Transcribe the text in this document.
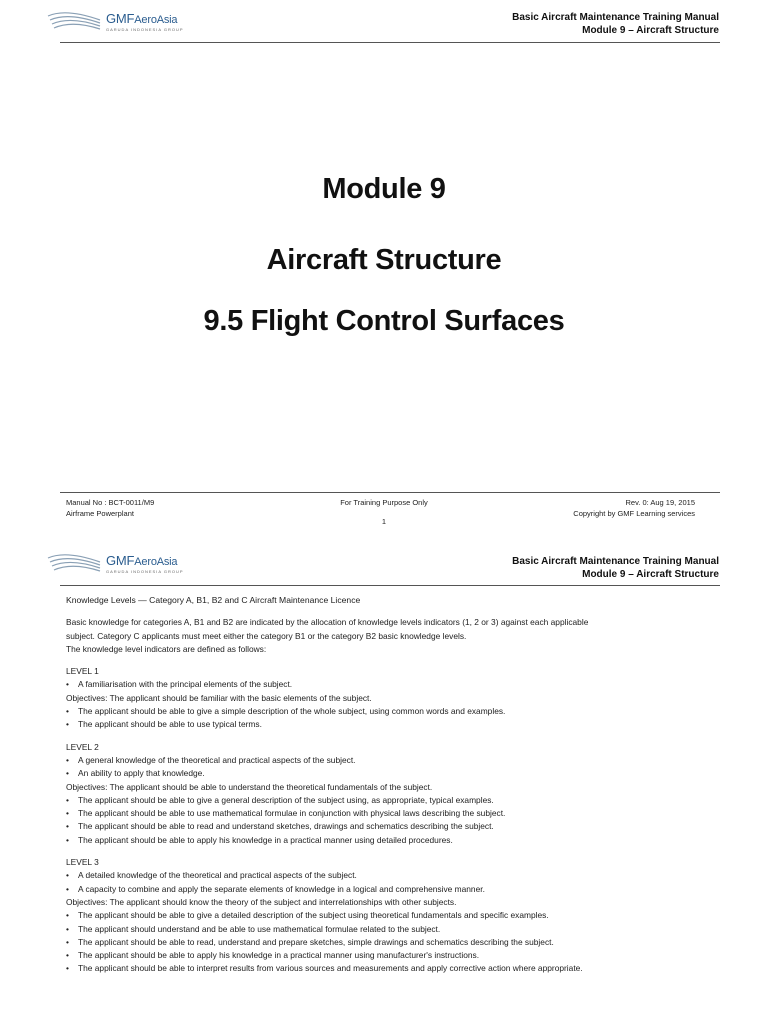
GMFAeroAsia
GARUDA INDONESIA GROUP
Basic Aircraft Maintenance Training Manual
Module 9 – Aircraft Structure
Module 9
Aircraft Structure
9.5 Flight Control Surfaces
Manual No : BCT-0011/M9
Airframe Powerplant
For Training Purpose Only
1
Rev. 0: Aug 19, 2015
Copyright by GMF Learning services
GMFAeroAsia
GARUDA INDONESIA GROUP
Basic Aircraft Maintenance Training Manual
Module 9 – Aircraft Structure

Knowledge Levels — Category A, B1, B2 and C Aircraft Maintenance Licence

Basic knowledge for categories A, B1 and B2 are indicated by the allocation of knowledge levels indicators (1, 2 or 3) against each applicable

subject. Category C applicants must meet either the category B1 or the category B2 basic knowledge levels.

The knowledge level indicators are defined as follows:

LEVEL 1

• A familiarisation with the principal elements of the subject.

Objectives: The applicant should be familiar with the basic elements of the subject.

• The applicant should be able to give a simple description of the whole subject, using common words and examples.

• The applicant should be able to use typical terms.

LEVEL 2

• A general knowledge of the theoretical and practical aspects of the subject.

• An ability to apply that knowledge.

Objectives: The applicant should be able to understand the theoretical fundamentals of the subject.

• The applicant should be able to give a general description of the subject using, as appropriate, typical examples.

• The applicant should be able to use mathematical formulae in conjunction with physical laws describing the subject.

• The applicant should be able to read and understand sketches, drawings and schematics describing the subject.

• The applicant should be able to apply his knowledge in a practical manner using detailed procedures.

LEVEL 3

• A detailed knowledge of the theoretical and practical aspects of the subject.

• A capacity to combine and apply the separate elements of knowledge in a logical and comprehensive manner.

Objectives: The applicant should know the theory of the subject and interrelationships with other subjects.

• The applicant should be able to give a detailed description of the subject using theoretical fundamentals and specific examples.

• The applicant should understand and be able to use mathematical formulae related to the subject.

• The applicant should be able to read, understand and prepare sketches, simple drawings and schematics describing the subject.

• The applicant should be able to apply his knowledge in a practical manner using manufacturer's instructions.

• The applicant should be able to interpret results from various sources and measurements and apply corrective action where appropriate.
